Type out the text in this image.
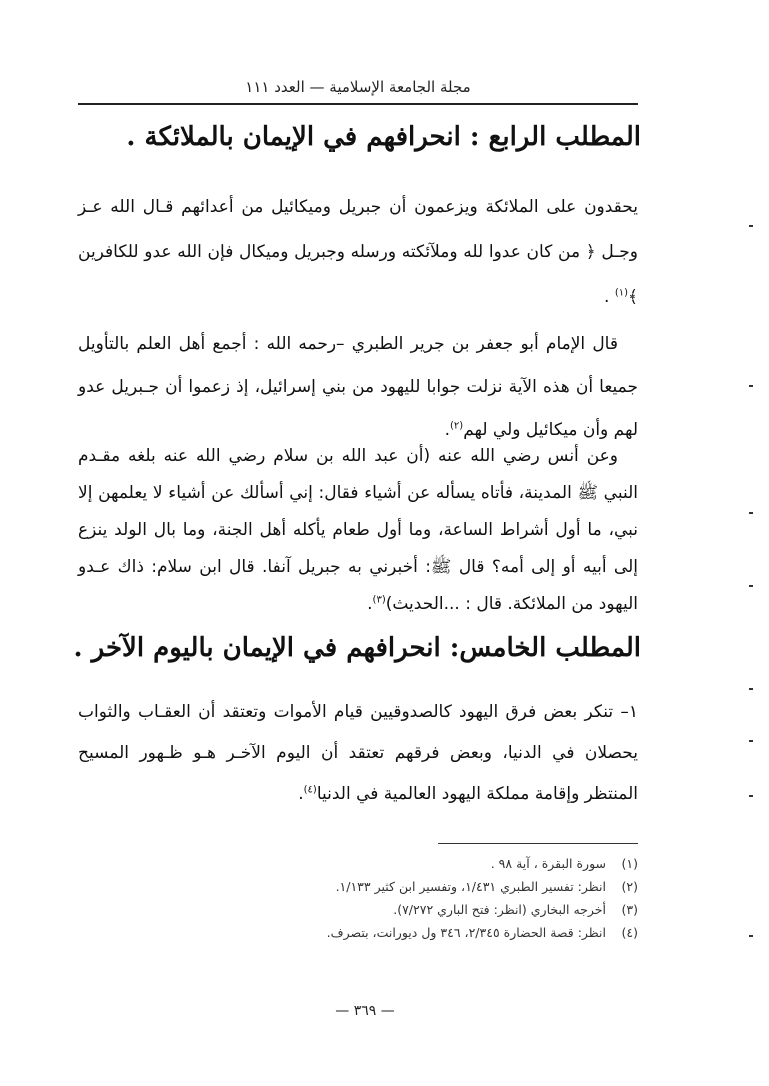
مجلة الجامعة الإسلامية — العدد ١١١
المطلب الرابع : انحرافهم في الإيمان بالملائكة .
يحقدون على الملائكة ويزعمون أن جبريل وميكائيل من أعدائهم قـال الله عـز وجـل ﴿ من كان عدوا لله وملآئكته ورسله وجبريل وميكال فإن الله عدو للكافرين ﴾$^{(١)}$ .
قال الإمام أبو جعفر بن جرير الطبري –رحمه الله : أجمع أهل العلم بالتأويل جميعا أن هذه الآية نزلت جوابا لليهود من بني إسرائيل، إذ زعموا أن جـبريل عدو لهم وأن ميكائيل ولي لهم$^{(٢)}$.
وعن أنس رضي الله عنه (أن عبد الله بن سلام رضي الله عنه بلغه مقـدم النبي ﷺ المدينة، فأتاه يسأله عن أشياء فقال: إني أسألك عن أشياء لا يعلمهن إلا نبي، ما أول أشراط الساعة، وما أول طعام يأكله أهل الجنة، وما بال الولد ينزع إلى أبيه أو إلى أمه؟ قال ﷺ: أخبرني به جبريل آنفا. قال ابن سلام: ذاك عـدو اليهود من الملائكة. قال : ...الحديث)$^{(٣)}$.
المطلب الخامس: انحرافهم في الإيمان باليوم الآخر .
١– تنكر بعض فرق اليهود كالصدوقيين قيام الأموات وتعتقد أن العقـاب والثواب يحصلان في الدنيا، وبعض فرقهم تعتقد أن اليوم الآخـر هـو ظـهور المسيح المنتظر وإقامة مملكة اليهود العالمية في الدنيا$^{(٤)}$.
(١) سورة البقرة ، آية ٩٨ .
(٢) انظر: تفسير الطبري ١/٤٣١، وتفسير ابن كثير ١/١٣٣.
(٣) أخرجه البخاري (انظر: فتح الباري ٧/٢٧٢).
(٤) انظر: قصة الحضارة ٢/٣٤٥، ٣٤٦ ول ديورانت، بتصرف.
— ٣٦٩ —
